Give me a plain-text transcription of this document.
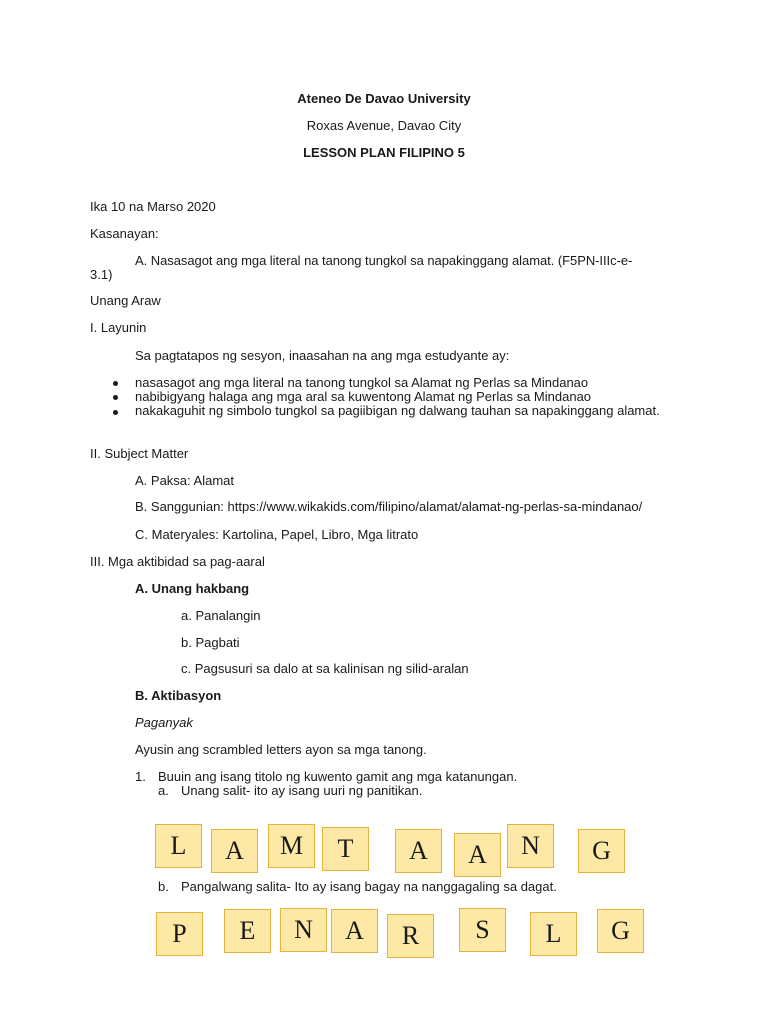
Ateneo De Davao University
Roxas Avenue, Davao City
LESSON PLAN FILIPINO 5
Ika 10 na Marso 2020
Kasanayan:
A. Nasasagot ang mga literal na tanong tungkol sa napakinggang alamat. (F5PN-IIIc-e-
3.1)
Unang Araw
I. Layunin
Sa pagtatapos ng sesyon, inaasahan na ang mga estudyante ay:
nasasagot ang mga literal na tanong tungkol sa Alamat ng Perlas sa Mindanao
nabibigyang halaga ang mga aral sa kuwentong Alamat ng Perlas sa Mindanao
nakakaguhit ng simbolo tungkol sa pagiibigan ng dalwang tauhan sa napakinggang alamat.
II. Subject Matter
A. Paksa: Alamat
B. Sanggunian: https://www.wikakids.com/filipino/alamat/alamat-ng-perlas-sa-mindanao/
C. Materyales: Kartolina, Papel, Libro, Mga litrato
III. Mga aktibidad sa pag-aaral
A. Unang hakbang
a. Panalangin
b. Pagbati
c. Pagsusuri sa dalo at sa kalinisan ng silid-aralan
B. Aktibasyon
Paganyak
Ayusin ang scrambled letters ayon sa mga tanong.
1. Buuin ang isang titolo ng kuwento gamit ang mga katanungan.
a. Unang salit- ito ay isang uuri ng panitikan.
L	A	M	T	A	A	N	G
b. Pangalwang salita- Ito ay isang bagay na nanggagaling sa dagat.
P	E	N	A	R	S	L	G
